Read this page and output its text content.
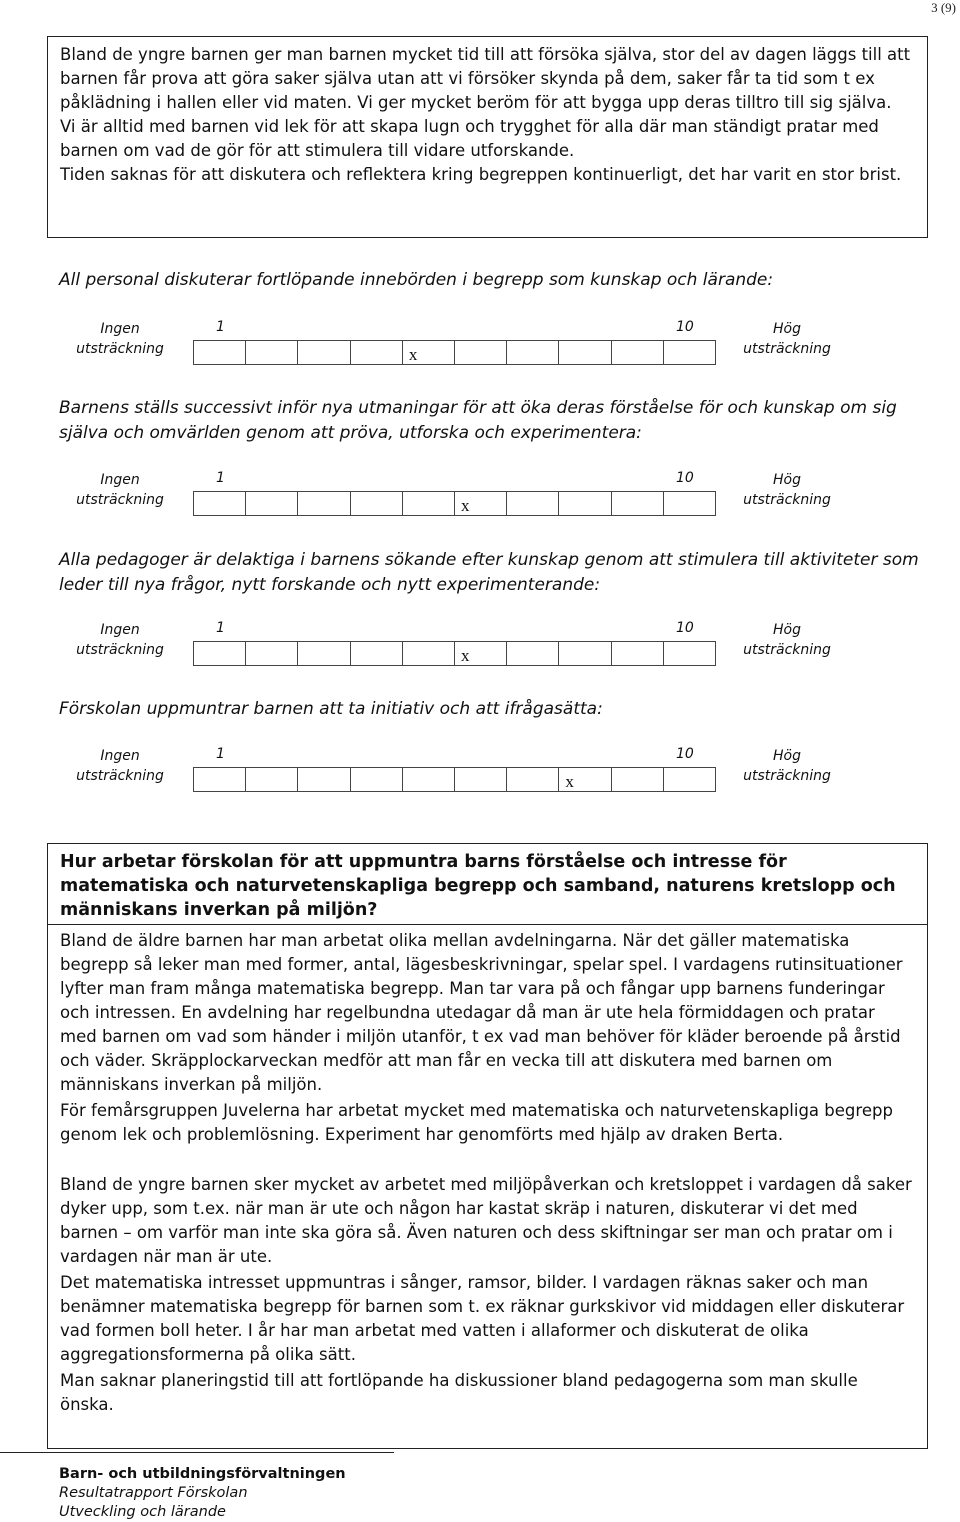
3 (9)

Bland de yngre barnen ger man barnen mycket tid till att försöka själva, stor del av dagen läggs till att barnen får prova att göra saker själva utan att vi försöker skynda på dem, saker får ta tid som t ex påklädning i hallen eller vid maten. Vi ger mycket beröm för att bygga upp deras tilltro till sig själva.

Vi är alltid med barnen vid lek för att skapa lugn och trygghet för alla där man ständigt pratar med barnen om vad de gör för att stimulera till vidare utforskande.

Tiden saknas för att diskutera och reflektera kring begreppen kontinuerligt, det har varit en stor brist.

All personal diskuterar fortlöpande innebörden i begrepp som kunskap och lärande:

Ingen
utsträckning
1	10	Hög
utsträckning
x

Barnens ställs successivt inför nya utmaningar för att öka deras förståelse för och kunskap om sig själva och omvärlden genom att pröva, utforska och experimentera:

Ingen
utsträckning
1	10	Hög
utsträckning
x

Alla pedagoger är delaktiga i barnens sökande efter kunskap genom att stimulera till aktiviteter som leder till nya frågor, nytt forskande och nytt experimenterande:

Ingen
utsträckning
1	10	Hög
utsträckning
x

Förskolan uppmuntrar barnen att ta initiativ och att ifrågasätta:

Ingen
utsträckning
1	10	Hög
utsträckning
x
Hur arbetar förskolan för att uppmuntra barns förståelse och intresse för matematiska och naturvetenskapliga begrepp och samband, naturens kretslopp och människans inverkan på miljön?

Bland de äldre barnen har man arbetat olika mellan avdelningarna. När det gäller matematiska begrepp så leker man med former, antal, lägesbeskrivningar, spelar spel. I vardagens rutinsituationer lyfter man fram många matematiska begrepp. Man tar vara på och fångar upp barnens funderingar och intressen. En avdelning har regelbundna utedagar då man är ute hela förmiddagen och pratar med barnen om vad som händer i miljön utanför, t ex vad man behöver för kläder beroende på årstid och väder. Skräpplockarveckan medför att man får en vecka till att diskutera med barnen om människans inverkan på miljön.

För femårsgruppen Juvelerna har arbetat mycket med matematiska och naturvetenskapliga begrepp genom lek och problemlösning. Experiment har genomförts med hjälp av draken Berta.

Bland de yngre barnen sker mycket av arbetet med miljöpåverkan och kretsloppet i vardagen då saker dyker upp, som t.ex. när man är ute och någon har kastat skräp i naturen, diskuterar vi det med barnen – om varför man inte ska göra så. Även naturen och dess skiftningar ser man och pratar om i vardagen när man är ute.

Det matematiska intresset uppmuntras i sånger, ramsor, bilder. I vardagen räknas saker och man benämner matematiska begrepp för barnen som t. ex räknar gurkskivor vid middagen eller diskuterar vad formen boll heter. I år har man arbetat med vatten i allaformer och diskuterat de olika aggregationsformerna på olika sätt.

Man saknar planeringstid till att fortlöpande ha diskussioner bland pedagogerna som man skulle önska.

Barn- och utbildningsförvaltningen
Resultatrapport Förskolan
Utveckling och lärande
